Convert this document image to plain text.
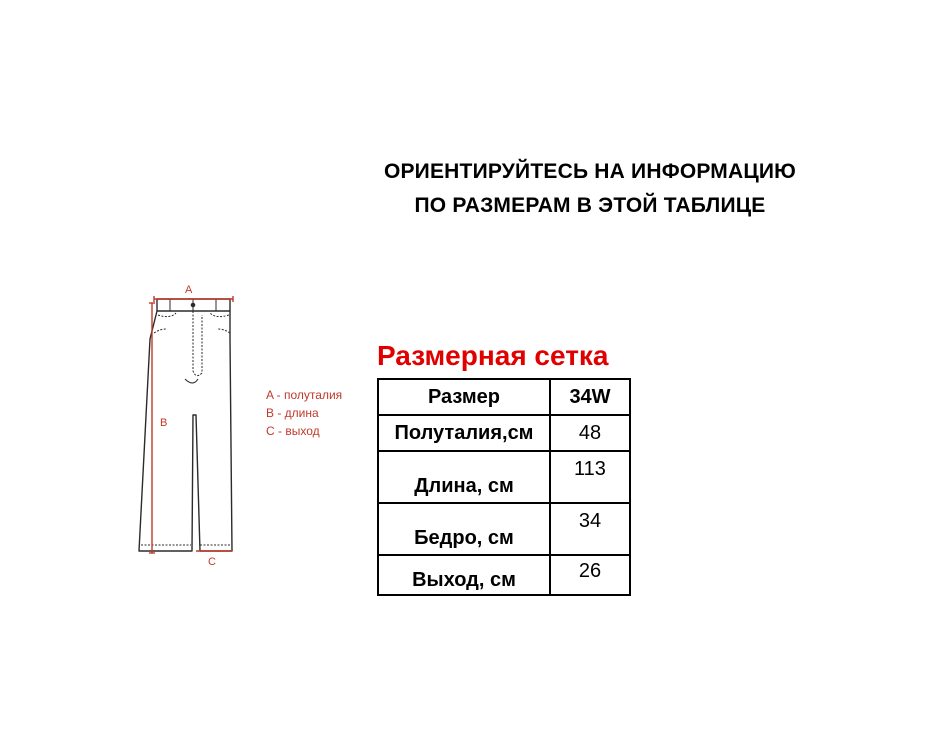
ОРИЕНТИРУЙТЕСЬ НА ИНФОРМАЦИЮ

ПО РАЗМЕРАМ В ЭТОЙ ТАБЛИЦЕ

A
B
C
A - полуталия
B - длина
C - выход
Размерная сетка
Размер	34W
Полуталия,см	48
Длина, см	113
Бедро, см	34
Выход, см	26
